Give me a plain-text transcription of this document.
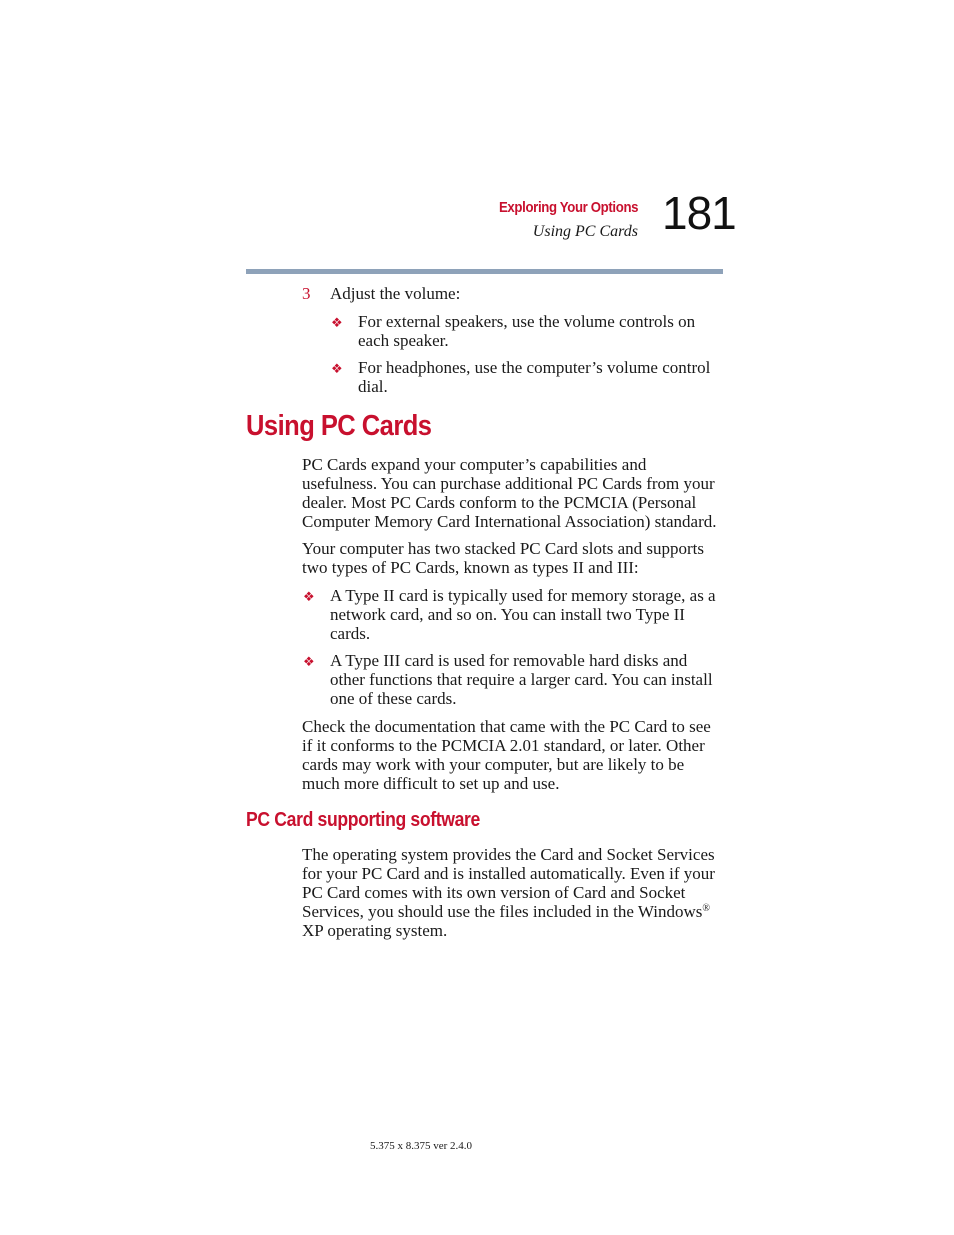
Exploring Your Options
Using PC Cards 181
3 Adjust the volume:
❖ For external speakers, use the volume controls on each speaker.
❖ For headphones, use the computer’s volume control dial.
Using PC Cards
PC Cards expand your computer’s capabilities and usefulness. You can purchase additional PC Cards from your dealer. Most PC Cards conform to the PCMCIA (Personal Computer Memory Card International Association) standard.
Your computer has two stacked PC Card slots and supports two types of PC Cards, known as types II and III:
❖ A Type II card is typically used for memory storage, as a network card, and so on. You can install two Type II cards.
❖ A Type III card is used for removable hard disks and other functions that require a larger card. You can install one of these cards.
Check the documentation that came with the PC Card to see if it conforms to the PCMCIA 2.01 standard, or later. Other cards may work with your computer, but are likely to be much more difficult to set up and use.
PC Card supporting software
The operating system provides the Card and Socket Services for your PC Card and is installed automatically. Even if your PC Card comes with its own version of Card and Socket Services, you should use the files included in the Windows® XP operating system.
5.375 x 8.375 ver 2.4.0
